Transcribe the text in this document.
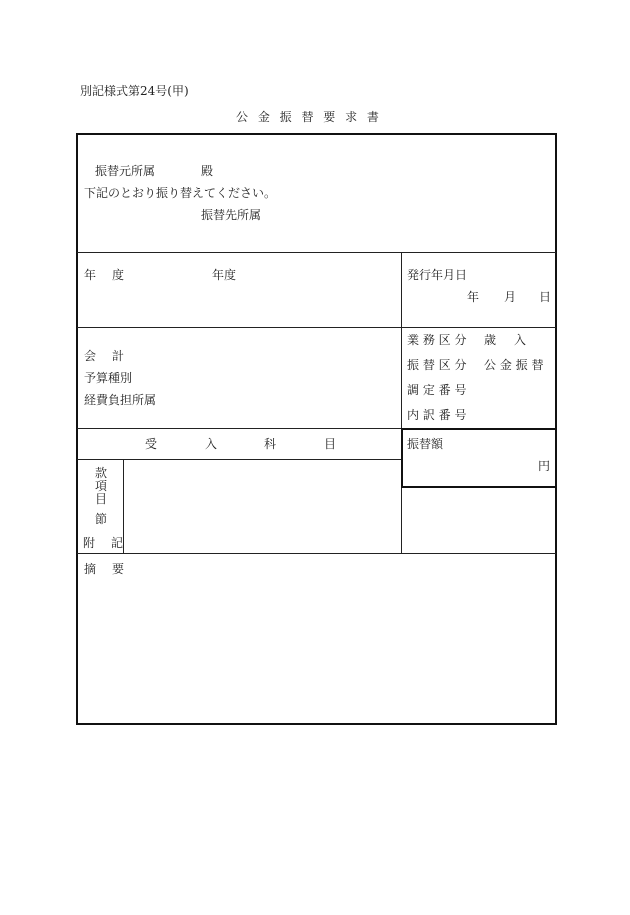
別記様式第24号(甲)
公 金 振 替 要 求 書
振替元所属	殿
下記のとおり振り替えてください。
振替先所属
年　度	年度	発行年月日
年 月 日
会　計
予算種別
経費負担所属
業 務 区 分 歳　入
振 替 区 分 公 金 振 替
調 定 番 号
内 訳 番 号
受	入	科	目
款
項
目
節
附　記
振替額
円
摘　要
